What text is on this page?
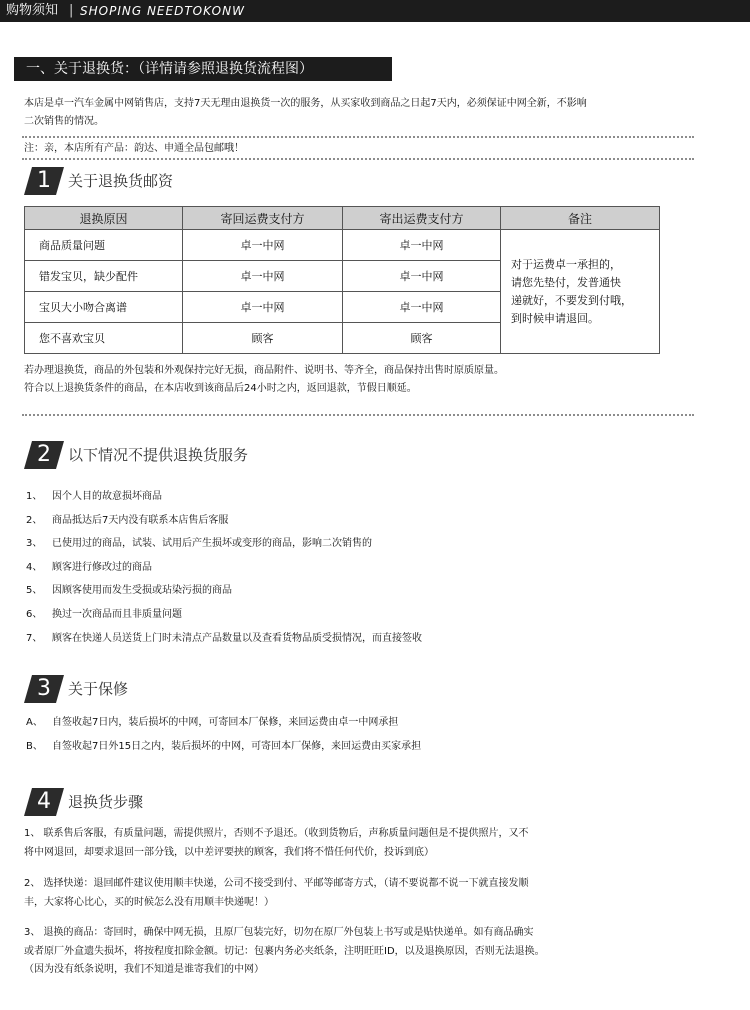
购物须知 | SHOPING NEEDTOKONW
一、关于退换货：（详情请参照退换货流程图）
本店是卓一汽车金属中网销售店，支持7天无理由退换货一次的服务，从买家收到商品之日起7天内，必须保证中网全新，不影响
二次销售的情况。
注：亲，本店所有产品：韵达、申通全品包邮哦！
1 关于退换货邮资
退换原因	寄回运费支付方	寄出运费支付方	备注
商品质量问题	卓一中网	卓一中网	对于运费卓一承担的，
请您先垫付，发普通快
递就好，不要发到付哦，
到时候申请退回。

错发宝贝，缺少配件	卓一中网	卓一中网	
宝贝大小吻合离谱	卓一中网	卓一中网	
您不喜欢宝贝	顾客	顾客	
若办理退换货，商品的外包装和外观保持完好无损，商品附件、说明书、等齐全，商品保持出售时原质原量。
符合以上退换货条件的商品，在本店收到该商品后24小时之内，返回退款，节假日顺延。
2 以下情况不提供退换货服务
1、 因个人目的故意损坏商品
2、 商品抵达后7天内没有联系本店售后客服
3、 已使用过的商品，试装、试用后产生损坏或变形的商品，影响二次销售的
4、 顾客进行修改过的商品
5、 因顾客使用而发生受损或玷染污损的商品
6、 换过一次商品而且非质量问题
7、 顾客在快递人员送货上门时未清点产品数量以及查看货物品质受损情况，而直接签收
3 关于保修
A、 自签收起7日内，装后损坏的中网，可寄回本厂保修，来回运费由卓一中网承担
B、 自签收起7日外15日之内，装后损坏的中网，可寄回本厂保修，来回运费由买家承担
4 退换货步骤
1、 联系售后客服，有质量问题，需提供照片，否则不予退还。（收到货物后，声称质量问题但是不提供照片，又不
将中网退回，却要求退回一部分钱，以中差评要挟的顾客，我们将不惜任何代价，投诉到底）
2、 选择快递：退回邮件建议使用顺丰快递，公司不接受到付、平邮等邮寄方式，（请不要说都不说一下就直接发顺
丰，大家将心比心，买的时候怎么没有用顺丰快递呢！）
3、 退换的商品：寄回时，确保中网无损，且原厂包装完好，切勿在原厂外包装上书写或是贴快递单。如有商品确实
或者原厂外盒遗失损坏，将按程度扣除金额。切记：包裹内务必夹纸条，注明旺旺ID，以及退换原因，否则无法退换。
（因为没有纸条说明，我们不知道是谁寄我们的中网）
